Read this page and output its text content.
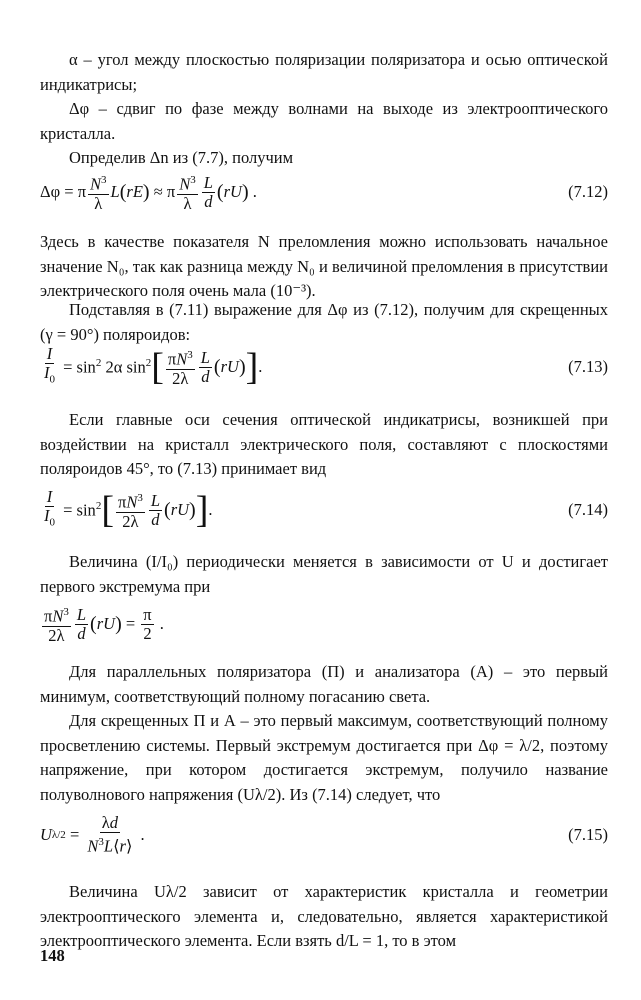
α – угол между плоскостью поляризации поляризатора и осью оптической индикатрисы;

Δφ – сдвиг по фазе между волнами на выходе из электрооптического кристалла.

Определив Δn из (7.7), получим

Δφ = π $\frac{N^3}{\lambda}$ L ( rE ) ≈ π $\frac{N^3}{\lambda} \frac{L}{d}$ ( rU ) .	(7.12)

Здесь в качестве показателя N преломления можно использовать начальное значение N₀, так как разница между N₀ и величиной преломления в присутствии электрического поля очень мала (10⁻³).

Подставляя в (7.11) выражение для Δφ из (7.12), получим для скрещенных (γ = 90°) поляроидов:

$\frac{I}{I_0} = \sin^2 2\alpha$ $\sin^2$ [ $\frac{\pi N^3}{2\lambda} \frac{L}{d}$ ( rU ) ] .	(7.13)

Если главные оси сечения оптической индикатрисы, возникшей при воздействии на кристалл электрического поля, составляют с плоскостями поляроидов 45°, то (7.13) принимает вид

$\frac{I}{I_0} = \sin^2$ [ $\frac{\pi N^3}{2\lambda} \frac{L}{d}$ ( rU ) ] .	(7.14)

Величина (I/I₀) периодически меняется в зависимости от U и достигает первого экстремума при

$\frac{\pi N^3}{2\lambda} \frac{L}{d}$ ( rU ) = $\frac{\pi}{2}$ .

Для параллельных поляризатора (П) и анализатора (А) – это первый минимум, соответствующий полному погасанию света.

Для скрещенных П и А – это первый максимум, соответствующий полному просветлению системы. Первый экстремум достигается при Δφ = λ/2, поэтому напряжение, при котором достигается экстремум, получило название полуволнового напряжения (Uλ/2). Из (7.14) следует, что

U $\lambda/2 = \frac{\lambda d}{N^3L⟨r⟩}$ .	(7.15)

Величина Uλ/2 зависит от характеристик кристалла и геометрии электрооптического элемента и, следовательно, является характеристикой электрооптического элемента. Если взять d/L = 1, то в этом

148
